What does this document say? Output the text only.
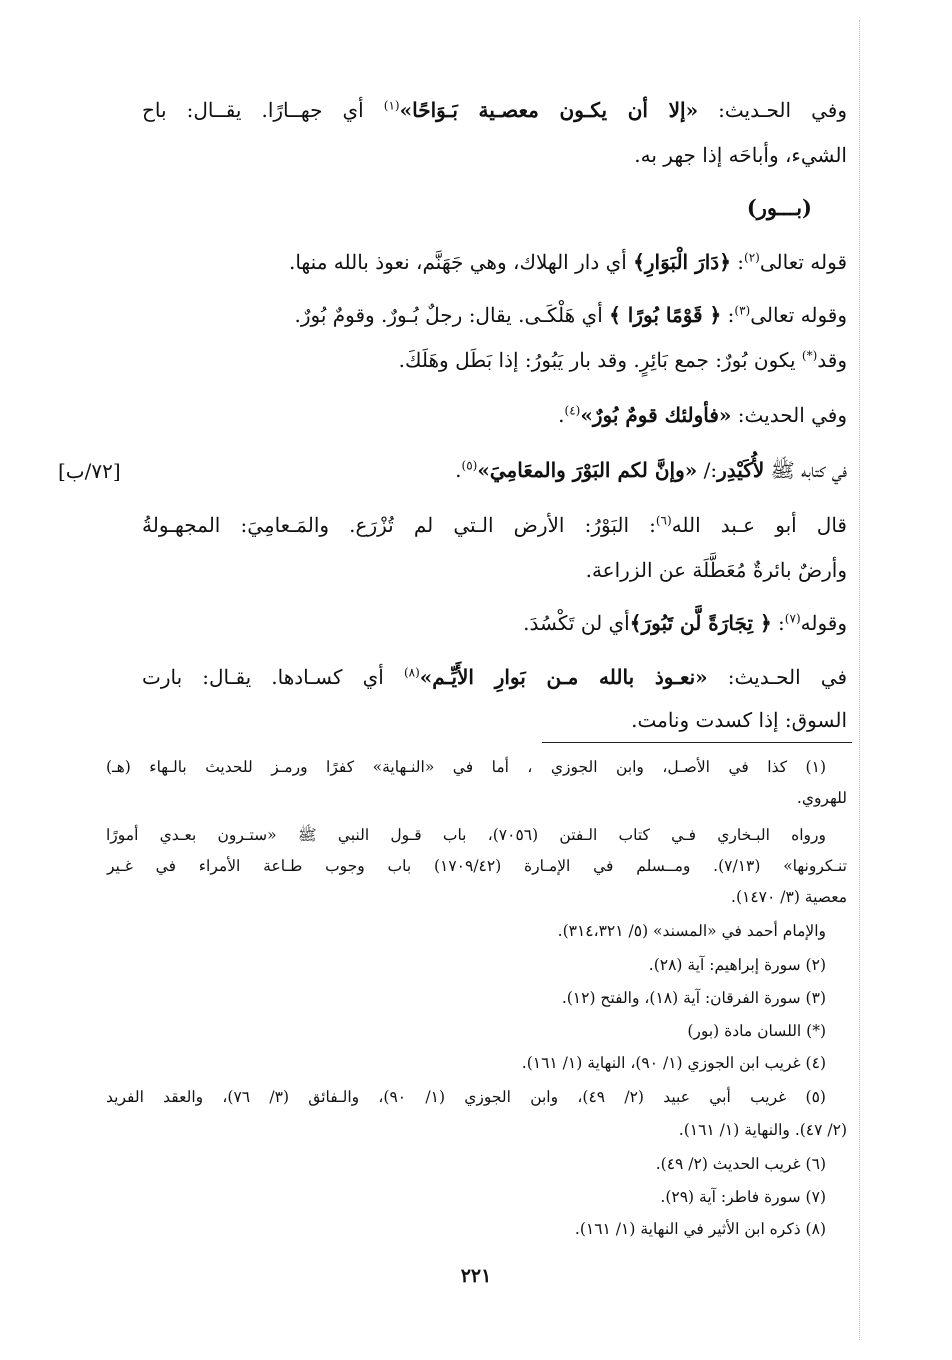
وفي الحـديث: «إلا أن يكـون معصـية بَـوَاحًا»$^{(١)}$ أي جهــارًا. يقــال: باح
الشيء، وأباحَه إذا جهر به.
(بـــور)
قوله تعالى$^{(٢)}$: ﴿دَارَ الْبَوَارِ﴾ أي دار الهلاك، وهي جَهَنَّم، نعوذ بالله منها.
وقوله تعالى$^{(٣)}$: ﴿ قَوْمًا بُورًا ﴾ أي هَلْكَـى. يقال: رجلٌ بُـورٌ. وقومٌ بُورٌ.
وقد(*) يكون بُورٌ: جمع بَائِرٍ. وقد بار يَبُورُ: إذا بَطَل وهَلَكَ.
وفي الحديث: «فأولئك قومٌ بُورٌ»$^{(٤)}$.
في كتابه ﷺ لأُكَيْدِر:/ «وإنَّ لكم البَوْرَ والمعَامِيَ»$^{(٥)}$.
[٧٢/ب]
قال أبو عـبد الله$^{(٦)}$: البَوْرُ: الأرض الـتي لم تُزْرَع. والمَـعامِيَ: المجهـولةُ
وأرضٌ بائرةٌ مُعَطَّلَة عن الزراعة.
وقوله$^{(٧)}$: ﴿ تِجَارَةً لَّن تَبُورَ﴾أي لن تَكْسُدَ.
في الحـديث: «نعـوذ بالله مـن بَوارِ الأَيِّـم»$^{(٨)}$ أي كسـادها. يقـال: بارت
السوق: إذا كسدت ونامت.
(١) كذا في الأصـل، وابن الجوزي ، أما في «النـهاية» كفرًا ورمـز للحديث بالـهاء (هـ)
للهروي.
ورواه البـخاري فـي كتاب الـفتن (٧٠٥٦)، باب قـول النبي ﷺ «ستـرون بعـدي أمورًا
تنـكرونها» (٧/١٣). ومــسلم في الإمـارة (١٧٠٩/٤٢) باب وجوب طـاعة الأمراء في غـير
معصية (٣/ ١٤٧٠).
والإمام أحمد في «المسند» (٥/ ٣١٤،٣٢١).
(٢) سورة إبراهيم: آية (٢٨).
(٣) سورة الفرقان: آية (١٨)، والفتح (١٢).
(*) اللسان مادة (بور)
(٤) غريب ابن الجوزي (١/ ٩٠)، النهاية (١/ ١٦١).
(٥) غريب أبي عبيد (٢/ ٤٩)، وابن الجوزي (١/ ٩٠)، والـفائق (٣/ ٧٦)، والعقد الفريد
(٢/ ٤٧). والنهاية (١/ ١٦١).
(٦) غريب الحديث (٢/ ٤٩).
(٧) سورة فاطر: آية (٢٩).
(٨) ذكره ابن الأثير في النهاية (١/ ١٦١).
٢٢١
